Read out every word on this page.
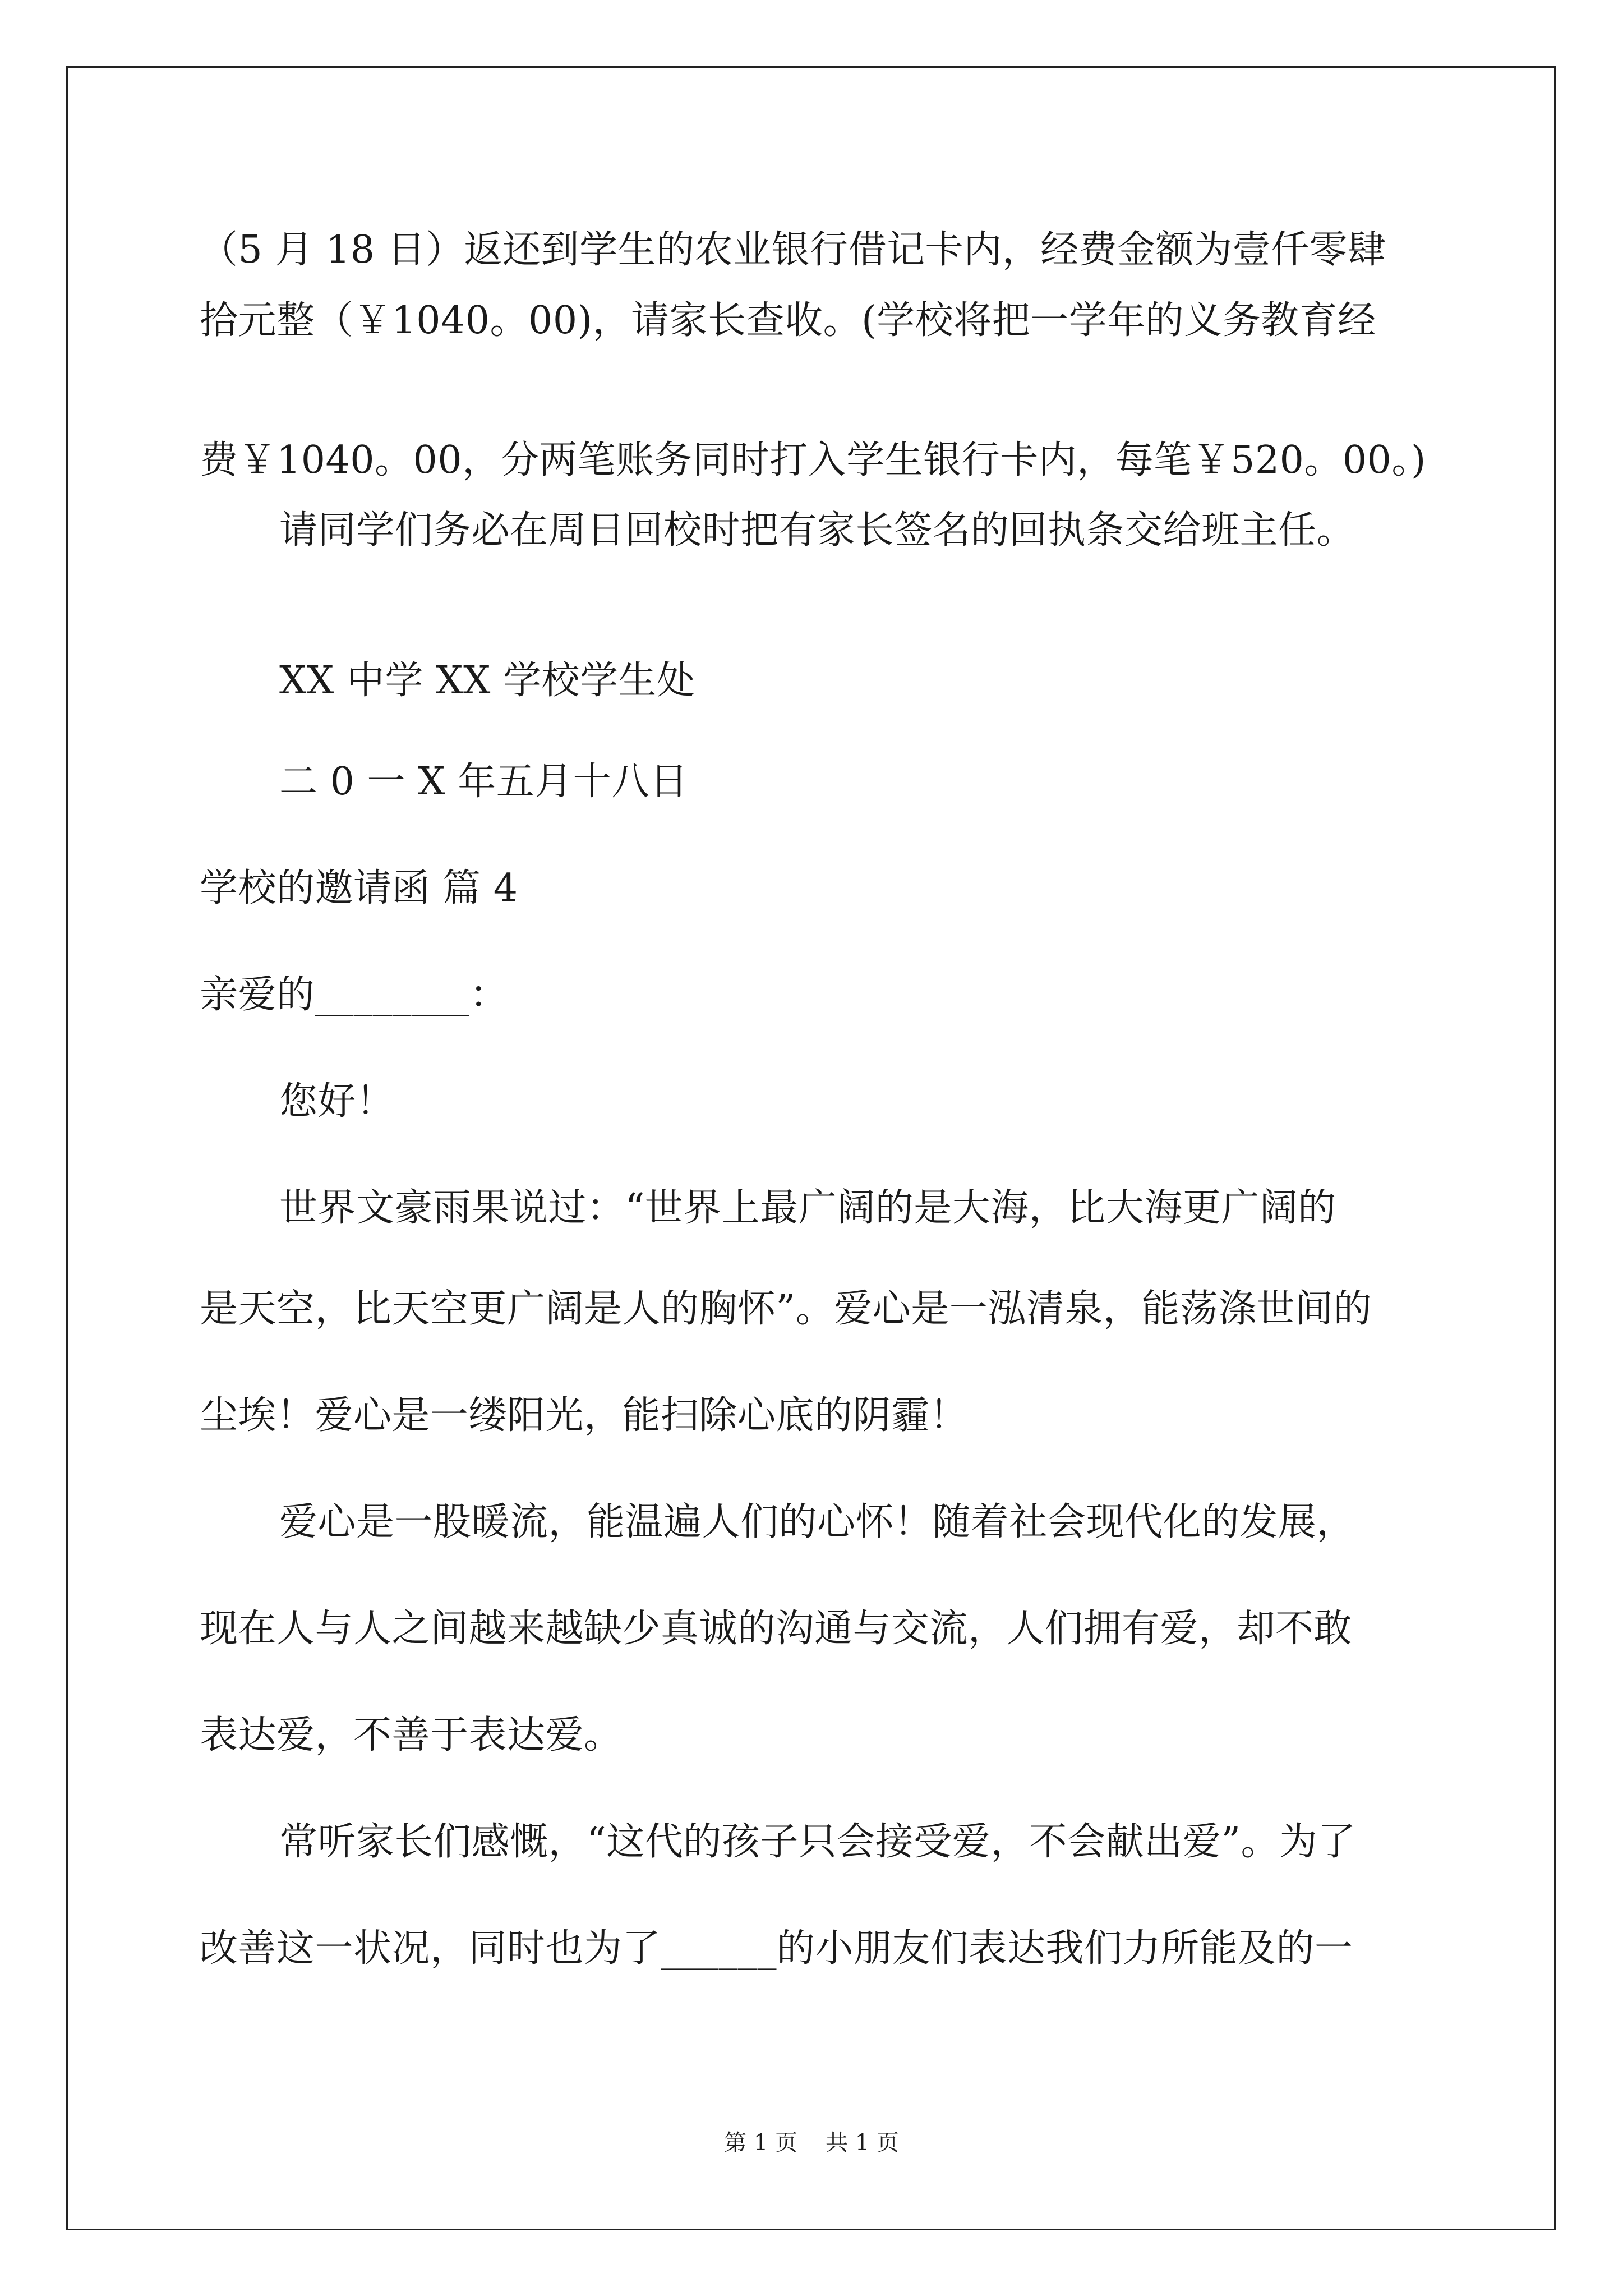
（5 月 18 日）返还到学生的农业银行借记卡内，经费金额为壹仟零肆
拾元整（￥1040。00)，请家长查收。(学校将把一学年的义务教育经
费￥1040。00，分两笔账务同时打入学生银行卡内，每笔￥520。00。)
请同学们务必在周日回校时把有家长签名的回执条交给班主任。
XX 中学 XX 学校学生处
二 0 一 X 年五月十八日
学校的邀请函 篇 4
亲爱的________：
您好！
世界文豪雨果说过：“世界上最广阔的是大海，比大海更广阔的
是天空，比天空更广阔是人的胸怀”。爱心是一泓清泉，能荡涤世间的
尘埃！爱心是一缕阳光，能扫除心底的阴霾！
爱心是一股暖流，能温遍人们的心怀！随着社会现代化的发展，
现在人与人之间越来越缺少真诚的沟通与交流，人们拥有爱，却不敢
表达爱，不善于表达爱。
常听家长们感慨，“这代的孩子只会接受爱，不会献出爱”。为了
改善这一状况，同时也为了______的小朋友们表达我们力所能及的一
第 1 页 共 1 页
